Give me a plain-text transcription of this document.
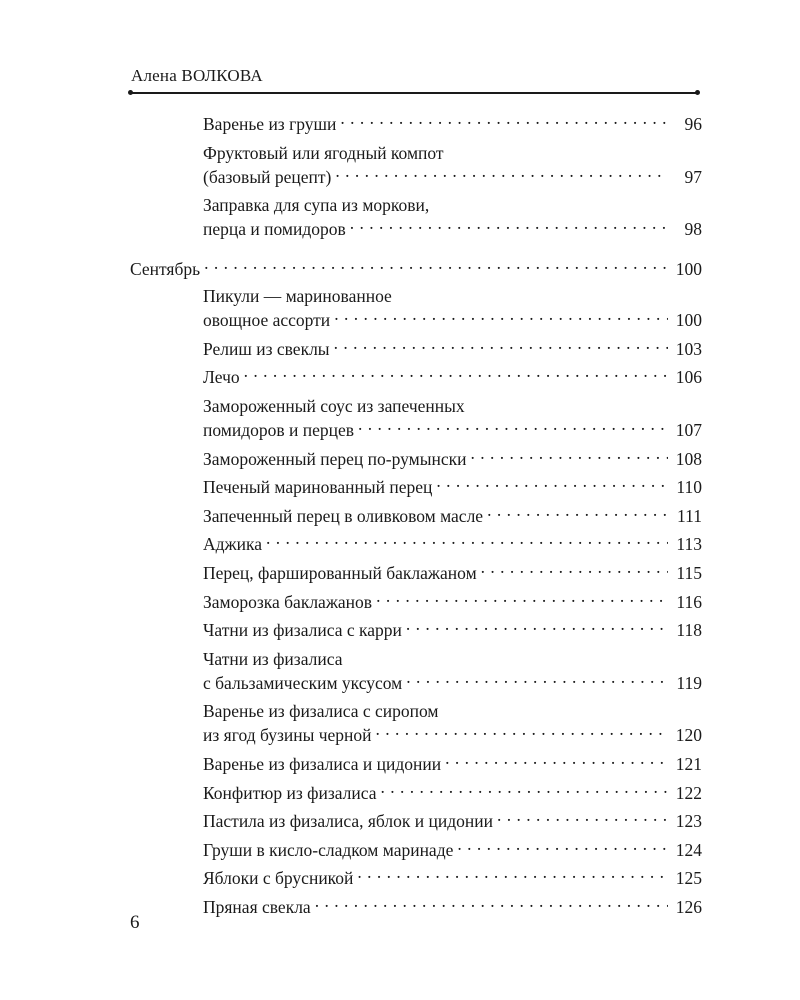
Алена ВОЛКОВА
Варенье из груши . . .	96
Фруктовый или ягодный компот
(базовый рецепт) . . .	97
Заправка для супа из моркови,
перца и помидоров . . .	98
Сентябрь . . .	100
Пикули — маринованное
овощное ассорти . . .	100
Релиш из свеклы . . .	103
Лечо . . .	106
Замороженный соус из запеченных
помидоров и перцев . . .	107
Замороженный перец по-румынски . . .	108
Печеный маринованный перец . . .	110
Запеченный перец в оливковом масле . . .	111
Аджика . . .	113
Перец, фаршированный баклажаном . . .	115
Заморозка баклажанов . . .	116
Чатни из физалиса с карри . . .	118
Чатни из физалиса
с бальзамическим уксусом . . .	119
Варенье из физалиса с сиропом
из ягод бузины черной . . .	120
Варенье из физалиса и цидонии . . .	121
Конфитюр из физалиса . . .	122
Пастила из физалиса, яблок и цидонии . . .	123
Груши в кисло-сладком маринаде . . .	124
Яблоки с брусникой . . .	125
Пряная свекла . . .	126
6
